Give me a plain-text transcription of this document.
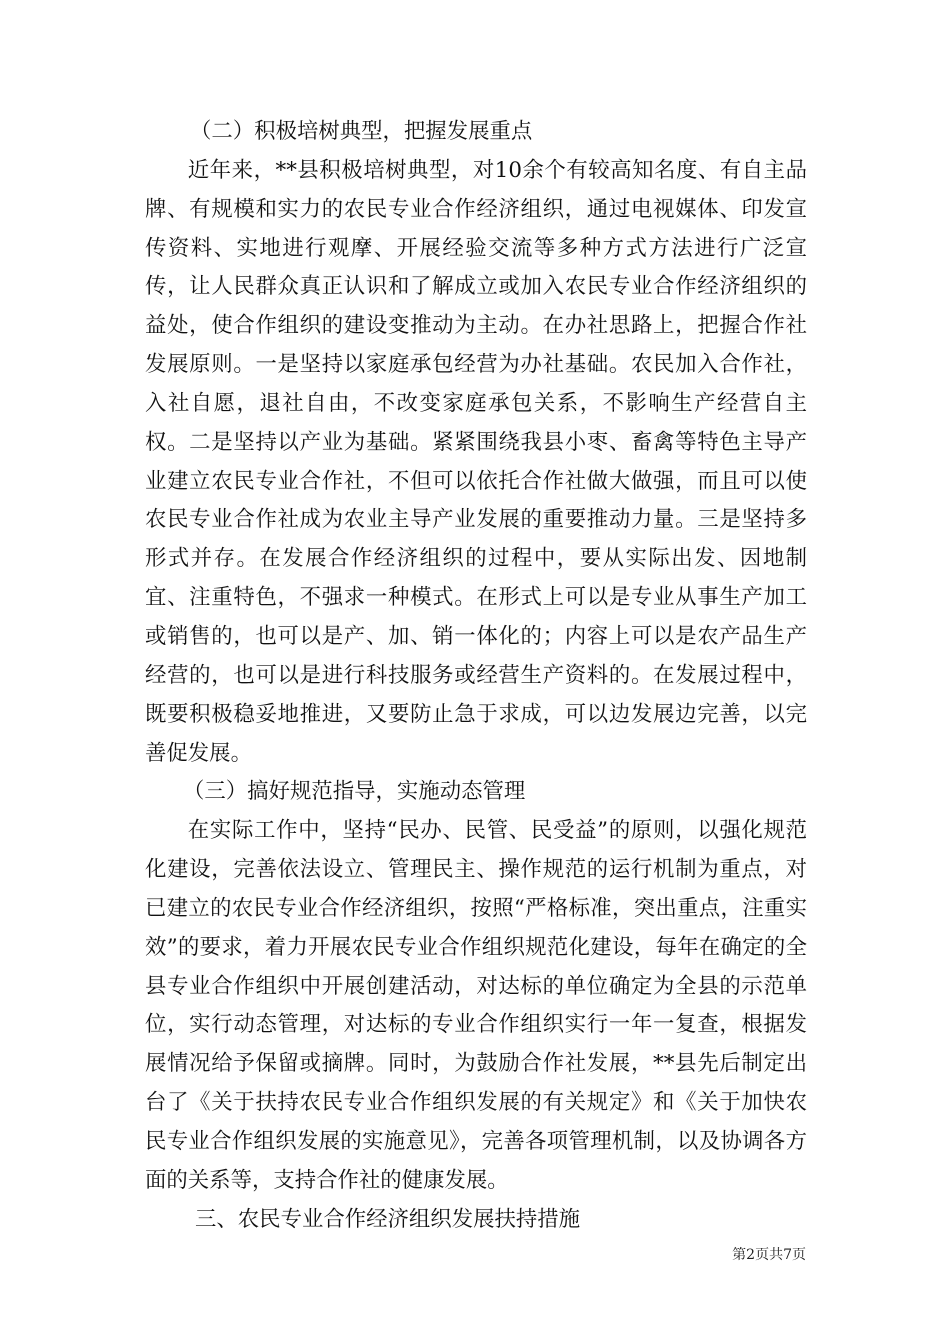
（二）积极培树典型，把握发展重点

近年来，**县积极培树典型，对10余个有较高知名度、有自主品牌、有规模和实力的农民专业合作经济组织，通过电视媒体、印发宣传资料、实地进行观摩、开展经验交流等多种方式方法进行广泛宣传，让人民群众真正认识和了解成立或加入农民专业合作经济组织的益处，使合作组织的建设变推动为主动。在办社思路上，把握合作社发展原则。一是坚持以家庭承包经营为办社基础。农民加入合作社，入社自愿，退社自由，不改变家庭承包关系，不影响生产经营自主权。二是坚持以产业为基础。紧紧围绕我县小枣、畜禽等特色主导产业建立农民专业合作社，不但可以依托合作社做大做强，而且可以使农民专业合作社成为农业主导产业发展的重要推动力量。三是坚持多形式并存。在发展合作经济组织的过程中，要从实际出发、因地制宜、注重特色，不强求一种模式。在形式上可以是专业从事生产加工或销售的，也可以是产、加、销一体化的；内容上可以是农产品生产经营的，也可以是进行科技服务或经营生产资料的。在发展过程中，既要积极稳妥地推进，又要防止急于求成，可以边发展边完善，以完善促发展。

（三）搞好规范指导，实施动态管理

在实际工作中，坚持“民办、民管、民受益”的原则，以强化规范化建设，完善依法设立、管理民主、操作规范的运行机制为重点，对已建立的农民专业合作经济组织，按照“严格标准，突出重点，注重实效”的要求，着力开展农民专业合作组织规范化建设，每年在确定的全县专业合作组织中开展创建活动，对达标的单位确定为全县的示范单位，实行动态管理，对达标的专业合作组织实行一年一复查，根据发展情况给予保留或摘牌。同时，为鼓励合作社发展，**县先后制定出台了《关于扶持农民专业合作组织发展的有关规定》和《关于加快农民专业合作组织发展的实施意见》，完善各项管理机制，以及协调各方面的关系等，支持合作社的健康发展。

三、农民专业合作经济组织发展扶持措施

第2页共7页
